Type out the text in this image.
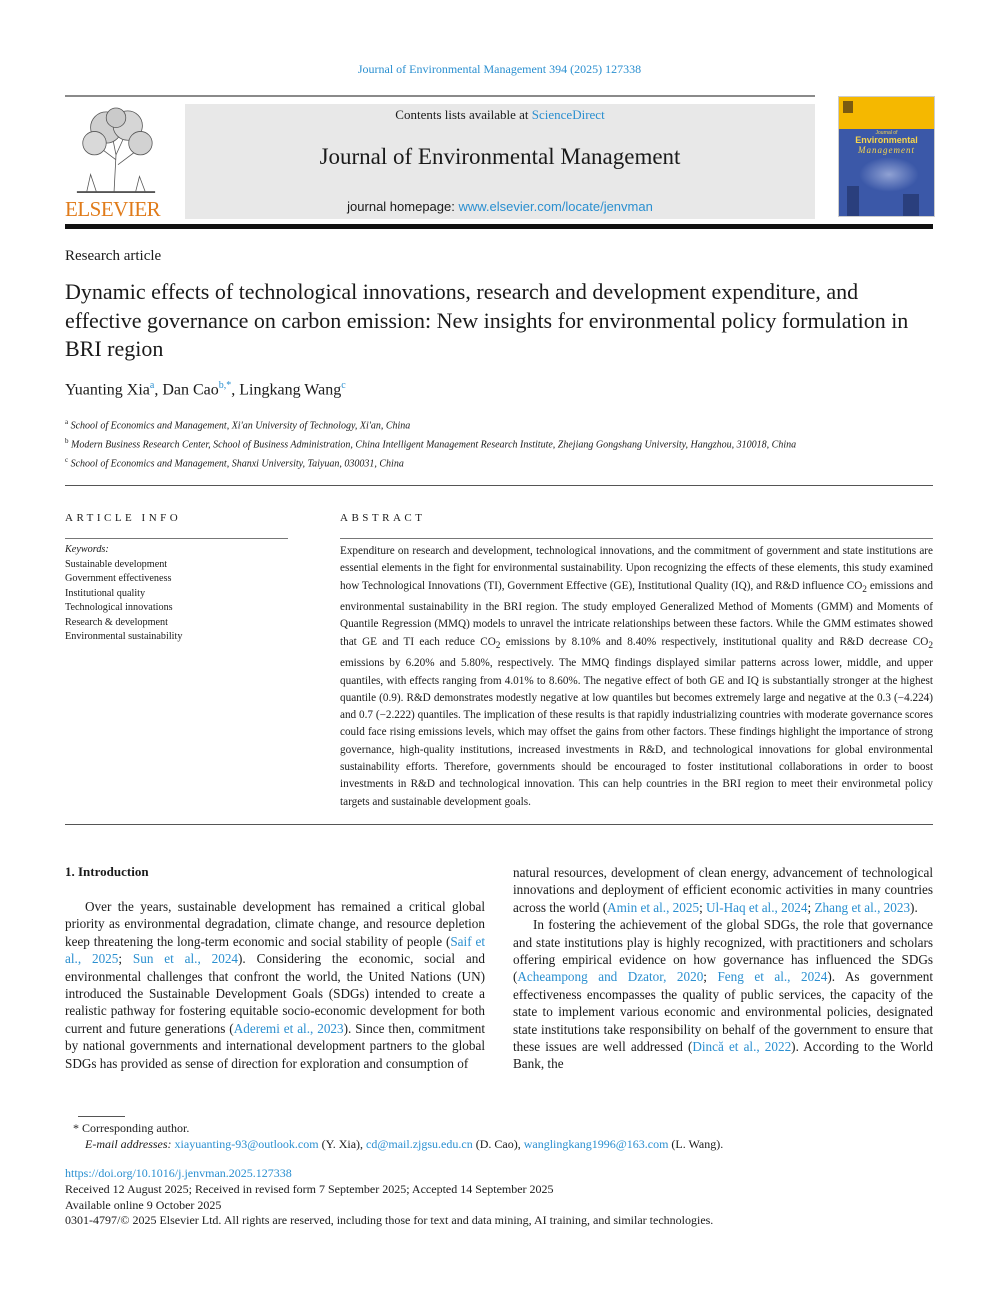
Journal of Environmental Management 394 (2025) 127338
ELSEVIER
Contents lists available at ScienceDirect
Journal of Environmental Management
journal homepage: www.elsevier.com/locate/jenvman
Journal of
Environmental
Management
Research article
Dynamic effects of technological innovations, research and development expenditure, and effective governance on carbon emission: New insights for environmental policy formulation in BRI region
Yuanting Xia$^a$, Dan Cao$^{b,*}$, Lingkang Wang$^c$
$^a$ School of Economics and Management, Xi'an University of Technology, Xi'an, China
$^b$ Modern Business Research Center, School of Business Administration, China Intelligent Management Research Institute, Zhejiang Gongshang University, Hangzhou, 310018, China
$^c$ School of Economics and Management, Shanxi University, Taiyuan, 030031, China
ARTICLE INFO
Keywords:
Sustainable development
Government effectiveness
Institutional quality
Technological innovations
Research & development
Environmental sustainability
ABSTRACT
Expenditure on research and development, technological innovations, and the commitment of government and state institutions are essential elements in the fight for environmental sustainability. Upon recognizing the effects of these elements, this study examined how Technological Innovations (TI), Government Effective (GE), Institutional Quality (IQ), and R&D influence $CO_2$ emissions and environmental sustainability in the BRI region. The study employed Generalized Method of Moments (GMM) and Moments of Quantile Regression (MMQ) models to unravel the intricate relationships between these factors. While the GMM estimates showed that GE and TI each reduce $CO_2$ emissions by 8.10% and 8.40% respectively, institutional quality and R&D decrease $CO_2$ emissions by 6.20% and 5.80%, respectively. The MMQ findings displayed similar patterns across lower, middle, and upper quantiles, with effects ranging from 4.01% to 8.60%. The negative effect of both GE and IQ is substantially stronger at the highest quantile (0.9). R&D demonstrates modestly negative at low quantiles but becomes extremely large and negative at the 0.3 (−4.224) and 0.7 (−2.222) quantiles. The implication of these results is that rapidly industrializing countries with moderate governance scores could face rising emissions levels, which may offset the gains from other factors. These findings highlight the importance of strong governance, high-quality institutions, increased investments in R&D, and technological innovations for global environmental sustainability efforts. Therefore, governments should be encouraged to foster institutional collaborations in order to boost investments in R&D and technological innovation. This can help countries in the BRI region to meet their environmetal policy targets and sustainable development goals.
1. Introduction
Over the years, sustainable development has remained a critical global priority as environmental degradation, climate change, and resource depletion keep threatening the long-term economic and social stability of people (Saif et al., 2025; Sun et al., 2024). Considering the economic, social and environmental challenges that confront the world, the United Nations (UN) introduced the Sustainable Development Goals (SDGs) intended to create a realistic pathway for fostering equitable socio-economic development for both current and future generations (Aderemi et al., 2023). Since then, commitment by national governments and international development partners to the global SDGs has provided as sense of direction for exploration and consumption of
natural resources, development of clean energy, advancement of technological innovations and deployment of efficient economic activities in many countries across the world (Amin et al., 2025; Ul-Haq et al., 2024; Zhang et al., 2023).
In fostering the achievement of the global SDGs, the role that governance and state institutions play is highly recognized, with practitioners and scholars offering empirical evidence on how governance has influenced the SDGs (Acheampong and Dzator, 2020; Feng et al., 2024). As government effectiveness encompasses the quality of public services, the capacity of the state to implement various economic and environmental policies, designated state institutions take responsibility on behalf of the government to ensure that these issues are well addressed (Dincă et al., 2022). According to the World Bank, the
* Corresponding author.
E-mail addresses: xiayuanting-93@outlook.com (Y. Xia), cd@mail.zjgsu.edu.cn (D. Cao), wanglingkang1996@163.com (L. Wang).
https://doi.org/10.1016/j.jenvman.2025.127338
Received 12 August 2025; Received in revised form 7 September 2025; Accepted 14 September 2025
Available online 9 October 2025
0301-4797/© 2025 Elsevier Ltd. All rights are reserved, including those for text and data mining, AI training, and similar technologies.
